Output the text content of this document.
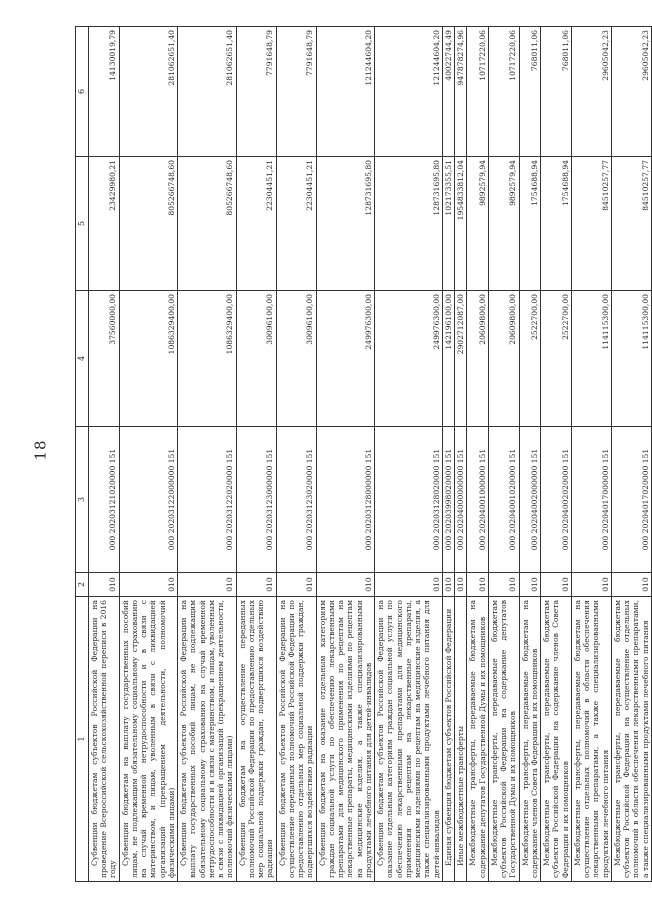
18
1	2	3	4	5	6
Субвенции бюджетам субъектов Российской Федерации на проведение Всероссийской сельскохозяйственной переписи в 2016 году	010	000 20203121020000 151	37560000,00	23429980,21	14130019,79
Субвенции бюджетам на выплату государственных пособий лицам, не подлежащим обязательному социальному страхованию на случай временной нетрудоспособности и в связи с материнством, и лицам, уволенным в связи с ликвидацией организаций (прекращением деятельности, полномочий физическими лицами)	010	000 20203122000000 151	1086329400,00	805266748,60	281062651,40
Субвенции бюджетам субъектов Российской Федерации на выплату государственных пособий лицам, не подлежащим обязательному социальному страхованию на случай временной нетрудоспособности и в связи с материнством, и лицам, уволенным в связи с ликвидацией организаций (прекращением деятельности, полномочий физическими лицами)	010	000 20203122020000 151	1086329400,00	805266748,60	281062651,40
Субвенции бюджетам на осуществление переданных полномочий Российской Федерации по предоставлению отдельных мер социальной поддержки граждан, подвергшихся воздействию радиации	010	000 20203123000000 151	30096100,00	22304451,21	7791648,79
Субвенции бюджетам субъектов Российской Федерации на осуществление переданных полномочий Российской Федерации по предоставлению отдельных мер социальной поддержки граждан, подвергшихся воздействию радиации	010	000 20203123020000 151	30096100,00	22304451,21	7791648,79
Субвенции бюджетам на оказание отдельным категориям граждан социальной услуги по обеспечению лекарственными препаратами для медицинского применения по рецептам на лекарственные препараты, медицинскими изделиями по рецептам на медицинские изделия, а также специализированными продуктами лечебного питания для детей-инвалидов	010	000 20203128000000 151	249976300,00	128731695,80	121244604,20
Субвенции бюджетам субъектов Российской Федерации на оказание отдельным категориям граждан социальной услуги по обеспечению лекарственными препаратами для медицинского применения по рецептам на лекарственные препараты, медицинскими изделиями по рецептам на медицинские изделия, а также специализированными продуктами лечебного питания для детей-инвалидов	010	000 20203128020000 151	249976300,00	128731695,80	121244604,20
Единая субвенция бюджетам субъектов Российской Федерации	010	000 20203998020000 151	142196100,00	102173355,51	40022744,49
Иные межбюджетные трансферты	010	000 20204000000000 151	2902712087,00	1954833812,04	947878274,96
Межбюджетные трансферты, передаваемые бюджетам на содержание депутатов Государственной Думы и их помощников	010	000 20204001000000 151	20609800,00	9892579,94	10717220,06
Межбюджетные трансферты, передаваемые бюджетам субъектов Российской Федерации на содержание депутатов Государственной Думы и их помощников	010	000 20204001020000 151	20609800,00	9892579,94	10717220,06
Межбюджетные трансферты, передаваемые бюджетам на содержание членов Совета Федерации и их помощников	010	000 20204002000000 151	2522700,00	1754688,94	768011,06
Межбюджетные трансферты, передаваемые бюджетам субъектов Российской Федерации на содержание членов Совета Федерации и их помощников	010	000 20204002020000 151	2522700,00	1754688,94	768011,06
Межбюджетные трансферты, передаваемые бюджетам на осуществление отдельных полномочий в области обеспечения лекарственными препаратами, а также специализированными продуктами лечебного питания	010	000 20204017000000 151	114115300,00	84510257,77	29605042,23
Межбюджетные трансферты, передаваемые бюджетам субъектов Российской Федерации на осуществление отдельных полномочий в области обеспечения лекарственными препаратами, а также специализированными продуктами лечебного питания	010	000 20204017020000 151	114115300,00	84510257,77	29605042,23
